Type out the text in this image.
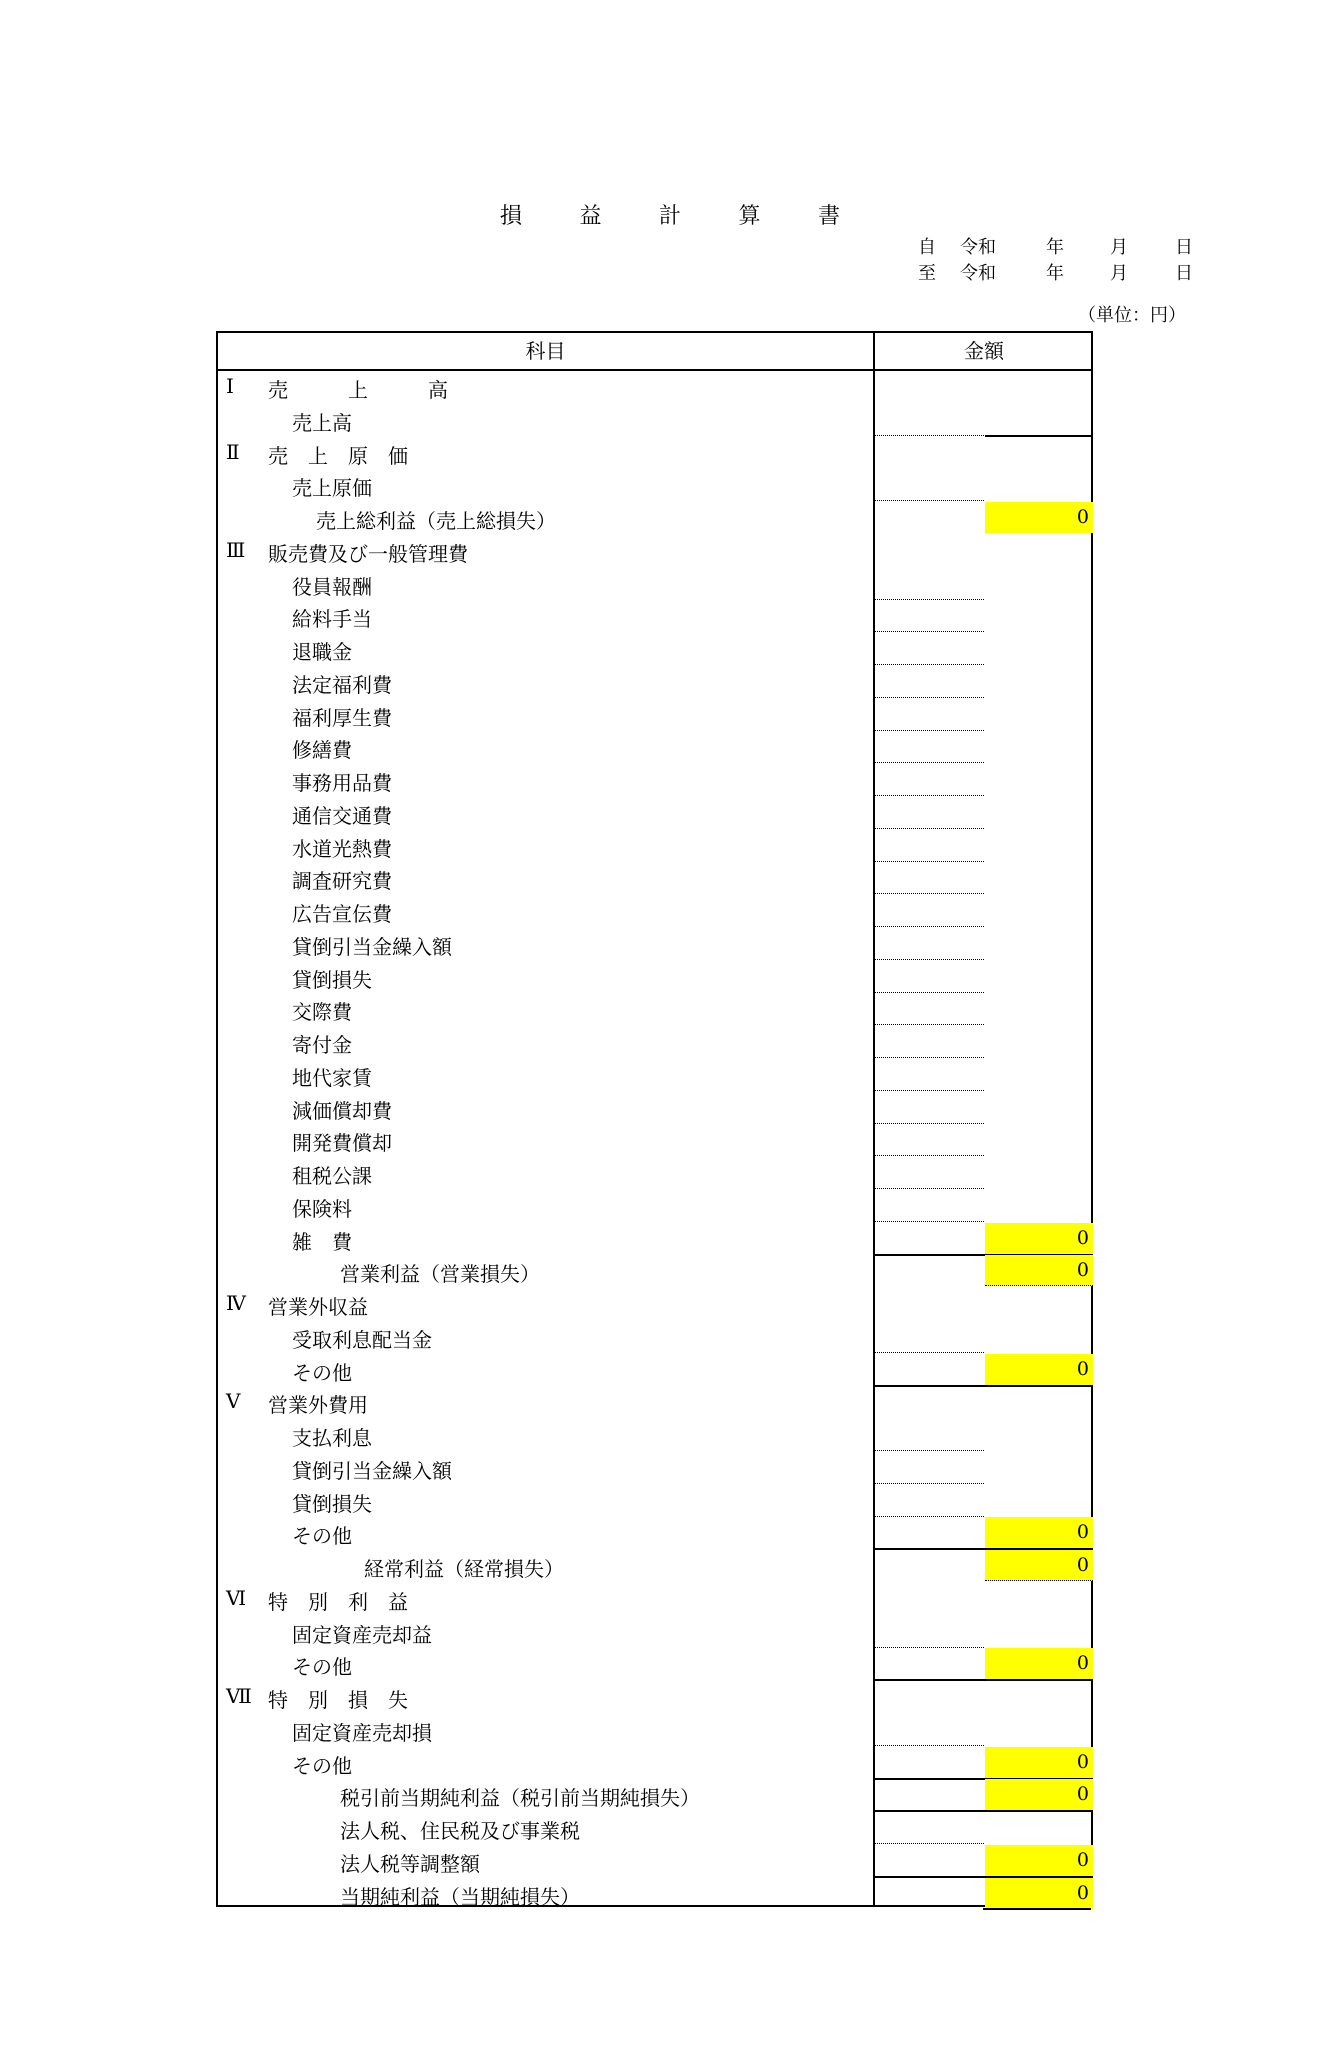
損	益	計	算	書
自 令和	年	月	日
至 令和	年	月	日
（単位：円）
科目	金額
Ⅰ	売　　　上　　　高
売上高
Ⅱ	売　上　原　価
売上原価
売上総利益（売上総損失）	0
Ⅲ	販売費及び一般管理費
役員報酬
給料手当
退職金
法定福利費
福利厚生費
修繕費
事務用品費
通信交通費
水道光熱費
調査研究費
広告宣伝費
貸倒引当金繰入額
貸倒損失
交際費
寄付金
地代家賃
減価償却費
開発費償却
租税公課
保険料
雑　費	0
営業利益（営業損失）	0
Ⅳ	営業外収益
受取利息配当金
その他	0
Ⅴ	営業外費用
支払利息
貸倒引当金繰入額
貸倒損失
その他	0
経常利益（経常損失）	0
Ⅵ	特　別　利　益
固定資産売却益
その他	0
Ⅶ 特　別　損　失
固定資産売却損
その他	0
税引前当期純利益（税引前当期純損失）	0
法人税、住民税及び事業税
法人税等調整額	0
当期純利益（当期純損失）	0
